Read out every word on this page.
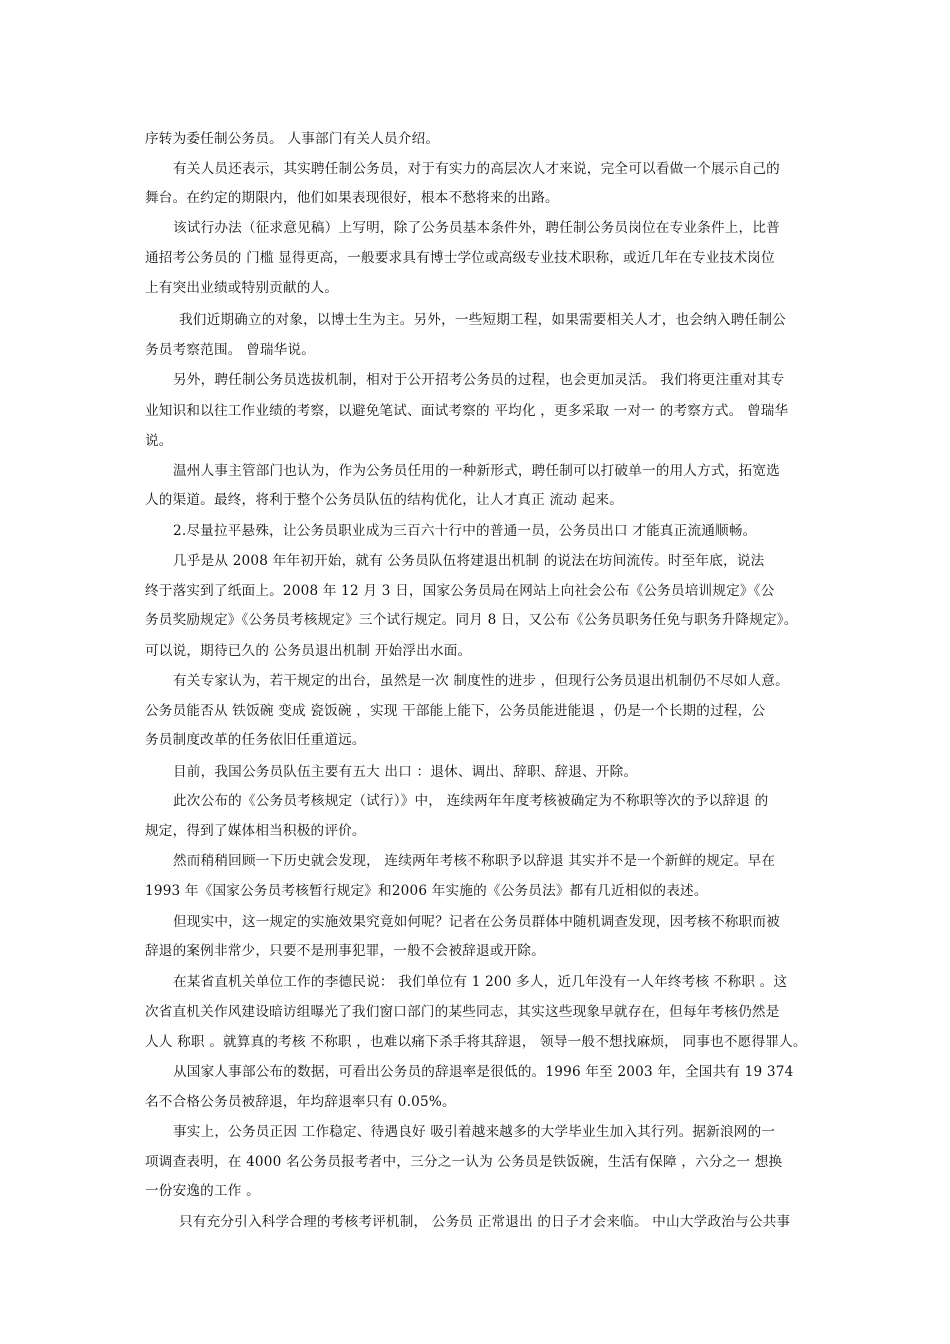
序转为委任制公务员。 人事部门有关人员介绍。
有关人员还表示，其实聘任制公务员，对于有实力的高层次人才来说，完全可以看做一个展示自己的
舞台。在约定的期限内，他们如果表现很好，根本不愁将来的出路。
该试行办法（征求意见稿）上写明，除了公务员基本条件外，聘任制公务员岗位在专业条件上，比普
通招考公务员的 门槛 显得更高，一般要求具有博士学位或高级专业技术职称，或近几年在专业技术岗位
上有突出业绩或特别贡献的人。
我们近期确立的对象，以博士生为主。另外，一些短期工程，如果需要相关人才，也会纳入聘任制公
务员考察范围。 曾瑞华说。
另外，聘任制公务员选拔机制，相对于公开招考公务员的过程，也会更加灵活。 我们将更注重对其专
业知识和以往工作业绩的考察，以避免笔试、面试考察的 平均化 ，更多采取 一对一 的考察方式。 曾瑞华
说。
温州人事主管部门也认为，作为公务员任用的一种新形式，聘任制可以打破单一的用人方式，拓宽选
人的渠道。最终，将利于整个公务员队伍的结构优化，让人才真正 流动 起来。
2.尽量拉平悬殊，让公务员职业成为三百六十行中的普通一员，公务员出口 才能真正流通顺畅。
几乎是从 2008 年年初开始，就有 公务员队伍将建退出机制 的说法在坊间流传。时至年底，说法
终于落实到了纸面上。2008 年 12 月 3 日，国家公务员局在网站上向社会公布《公务员培训规定》《公
务员奖励规定》《公务员考核规定》三个试行规定。同月 8 日，又公布《公务员职务任免与职务升降规定》。
可以说，期待已久的 公务员退出机制 开始浮出水面。
有关专家认为，若干规定的出台，虽然是一次 制度性的进步 ，但现行公务员退出机制仍不尽如人意。
公务员能否从 铁饭碗 变成 瓷饭碗 ，实现 干部能上能下，公务员能进能退 ，仍是一个长期的过程，公
务员制度改革的任务依旧任重道远。
目前，我国公务员队伍主要有五大 出口 ：退休、调出、辞职、辞退、开除。
此次公布的《公务员考核规定（试行）》中， 连续两年年度考核被确定为不称职等次的予以辞退 的
规定，得到了媒体相当积极的评价。
然而稍稍回顾一下历史就会发现， 连续两年考核不称职予以辞退 其实并不是一个新鲜的规定。早在
1993 年《国家公务员考核暂行规定》和2006 年实施的《公务员法》都有几近相似的表述。
但现实中，这一规定的实施效果究竟如何呢？记者在公务员群体中随机调查发现，因考核不称职而被
辞退的案例非常少，只要不是刑事犯罪，一般不会被辞退或开除。
在某省直机关单位工作的李德民说： 我们单位有 1 200 多人，近几年没有一人年终考核 不称职 。这
次省直机关作风建设暗访组曝光了我们窗口部门的某些同志，其实这些现象早就存在，但每年考核仍然是
人人 称职 。就算真的考核 不称职 ，也难以痛下杀手将其辞退， 领导一般不想找麻烦， 同事也不愿得罪人。
从国家人事部公布的数据，可看出公务员的辞退率是很低的。1996 年至 2003 年，全国共有 19 374
名不合格公务员被辞退，年均辞退率只有 0.05%。
事实上，公务员正因 工作稳定、待遇良好 吸引着越来越多的大学毕业生加入其行列。据新浪网的一
项调查表明，在 4000 名公务员报考者中，三分之一认为 公务员是铁饭碗，生活有保障 ，六分之一 想换
一份安逸的工作 。
只有充分引入科学合理的考核考评机制， 公务员 正常退出 的日子才会来临。 中山大学政治与公共事
